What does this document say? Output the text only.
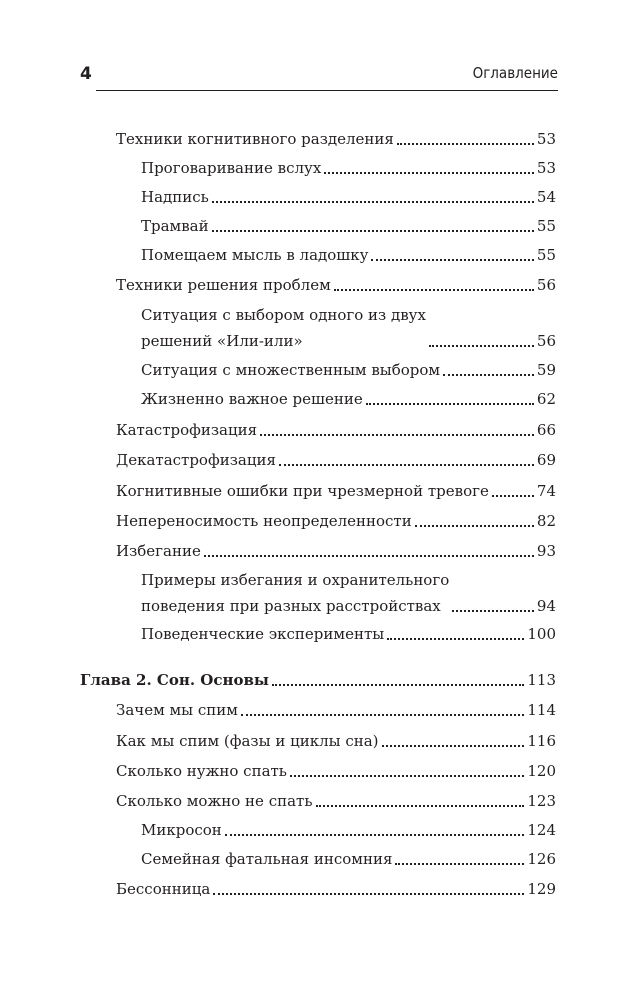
4	Оглавление
Техники когнитивного разделения	53
Проговаривание вслух	53
Надпись	54
Трамвай	55
Помещаем мысль в ладошку	55
Техники решения проблем	56
Ситуация с выбором одного из двух
решений «Или-или»	56
Ситуация с множественным выбором	59
Жизненно важное решение	62
Катастрофизация	66
Декатастрофизация	69
Когнитивные ошибки при чрезмерной тревоге	74
Непереносимость неопределенности	82
Избегание	93
Примеры избегания и охранительного
поведения при разных расстройствах	94
Поведенческие эксперименты	100
Глава 2. Сон. Основы	113
Зачем мы спим	114
Как мы спим (фазы и циклы сна)	116
Сколько нужно спать	120
Сколько можно не спать	123
Микросон	124
Семейная фатальная инсомния	126
Бессонница	129
